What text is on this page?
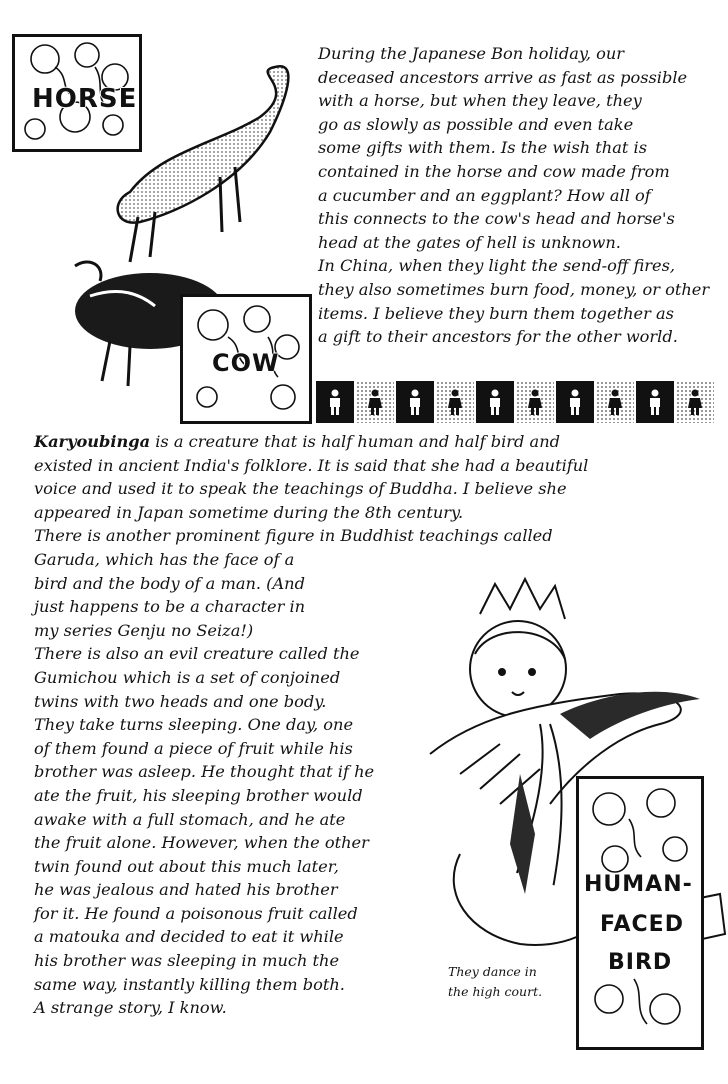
HORSE
COW
During the Japanese Bon holiday, our
deceased ancestors arrive as fast as possible
with a horse, but when they leave, they
go as slowly as possible and even take
some gifts with them. Is the wish that is
contained in the horse and cow made from
a cucumber and an eggplant? How all of
this connects to the cow's head and horse's
head at the gates of hell is unknown.
In China, when they light the send-off fires,
they also sometimes burn food, money, or other
items. I believe they burn them together as
a gift to their ancestors for the other world.
Karyoubinga is a creature that is half human and half bird and
existed in ancient India's folklore. It is said that she had a beautiful
voice and used it to speak the teachings of Buddha. I believe she
appeared in Japan sometime during the 8th century.
There is another prominent figure in Buddhist teachings called
Garuda, which has the face of a
bird and the body of a man. (And
just happens to be a character in
my series Genju no Seiza!)
There is also an evil creature called the
Gumichou which is a set of conjoined
twins with two heads and one body.
They take turns sleeping. One day, one
of them found a piece of fruit while his
brother was asleep. He thought that if he
ate the fruit, his sleeping brother would
awake with a full stomach, and he ate
the fruit alone. However, when the other
twin found out about this much later,
he was jealous and hated his brother
for it. He found a poisonous fruit called
a matouka and decided to eat it while
his brother was sleeping in much the
same way, instantly killing them both.
A strange story, I know.
HUMAN-
FACED
BIRD
They dance in
the high court.
